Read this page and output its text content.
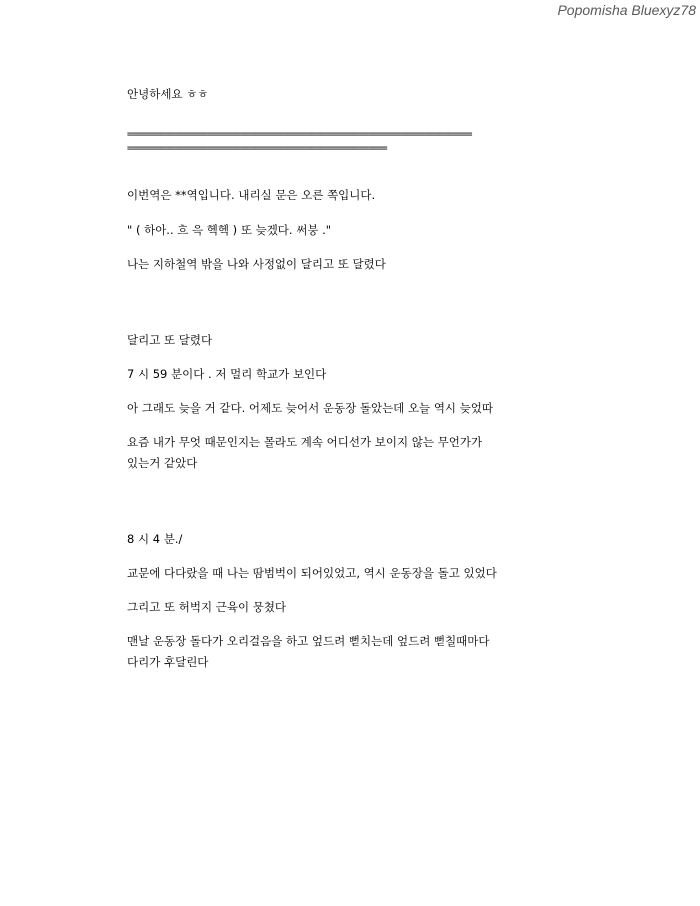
Popomisha Bluexyz78
안녕하세요 ㅎㅎ
=========================================================================
=======================================================
이번역은 **역입니다. 내리실 문은 오른 쪽입니다.
" ( 하아.. 흐 윽 헥헥 ) 또 늦겠다. 써붕 ."
나는 지하철역 밖을 나와 사정없이 달리고 또 달렸다
달리고 또 달렸다
7 시 59 분이다 . 저 멀리 학교가 보인다
아 그래도 늦을 거 같다. 어제도 늦어서 운동장 돌았는데 오늘 역시 늦었따
요즘 내가 무엇 때문인지는 몰라도 계속 어디선가 보이지 않는 무언가가
있는거 같았다
8 시 4 분./
교문에 다다랐을 때 나는 땀범벅이 되어있었고, 역시 운동장을 돌고 있었다
그리고 또 허벅지 근육이 뭉쳤다
맨날 운동장 돌다가 오리걸음을 하고 엎드려 뻗치는데 엎드려 뻗칠때마다
다리가 후달린다
